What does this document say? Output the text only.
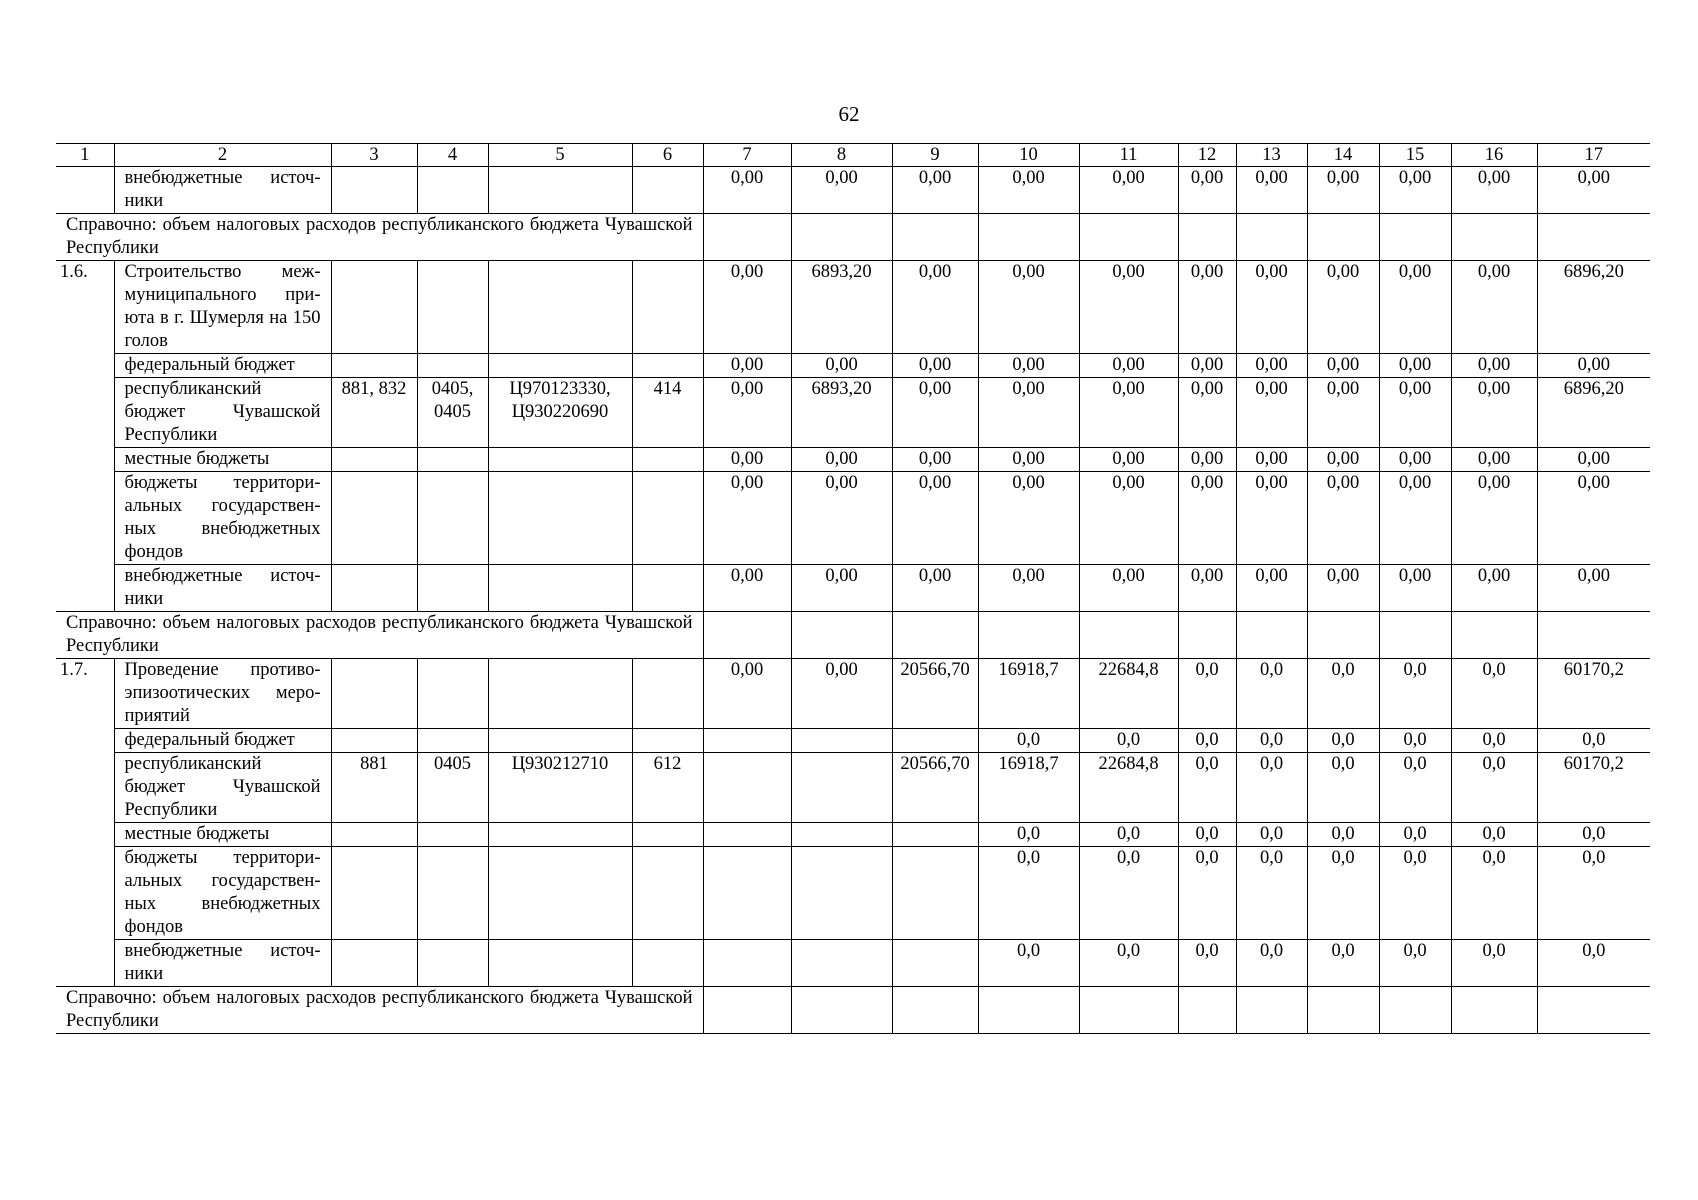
62
1	2	3	4	5	6	7	8	9	10	11	12	13	14	15	16	17
	внебюджетные источ-ники					0,00	0,00	0,00	0,00	0,00	0,00	0,00	0,00	0,00	0,00	0,00
Справочно: объем налоговых расходов республиканского бюджета Чувашской Республики																
1.6.	Строительство меж-муниципального при-юта в г. Шумерля на 150 голов					0,00	6893,20	0,00	0,00	0,00	0,00	0,00	0,00	0,00	0,00	6896,20
	федеральный бюджет					0,00	0,00	0,00	0,00	0,00	0,00	0,00	0,00	0,00	0,00	0,00
	республиканский бюджет Чувашской Республики	881, 832	0405, 0405	Ц970123330, Ц930220690	414	0,00	6893,20	0,00	0,00	0,00	0,00	0,00	0,00	0,00	0,00	6896,20
	местные бюджеты					0,00	0,00	0,00	0,00	0,00	0,00	0,00	0,00	0,00	0,00	0,00
	бюджеты территори-альных государствен-ных внебюджетных фондов					0,00	0,00	0,00	0,00	0,00	0,00	0,00	0,00	0,00	0,00	0,00
	внебюджетные источ-ники					0,00	0,00	0,00	0,00	0,00	0,00	0,00	0,00	0,00	0,00	0,00
Справочно: объем налоговых расходов республиканского бюджета Чувашской Республики																
1.7.	Проведение противо-эпизоотических меро-приятий					0,00	0,00	20566,70	16918,7	22684,8	0,0	0,0	0,0	0,0	0,0	60170,2
	федеральный бюджет								0,0	0,0	0,0	0,0	0,0	0,0	0,0	0,0
	республиканский бюджет Чувашской Республики	881	0405	Ц930212710	612			20566,70	16918,7	22684,8	0,0	0,0	0,0	0,0	0,0	60170,2
	местные бюджеты								0,0	0,0	0,0	0,0	0,0	0,0	0,0	0,0
	бюджеты территори-альных государствен-ных внебюджетных фондов								0,0	0,0	0,0	0,0	0,0	0,0	0,0	0,0
	внебюджетные источ-ники								0,0	0,0	0,0	0,0	0,0	0,0	0,0	0,0
Справочно: объем налоговых расходов республиканского бюджета Чувашской Республики																
